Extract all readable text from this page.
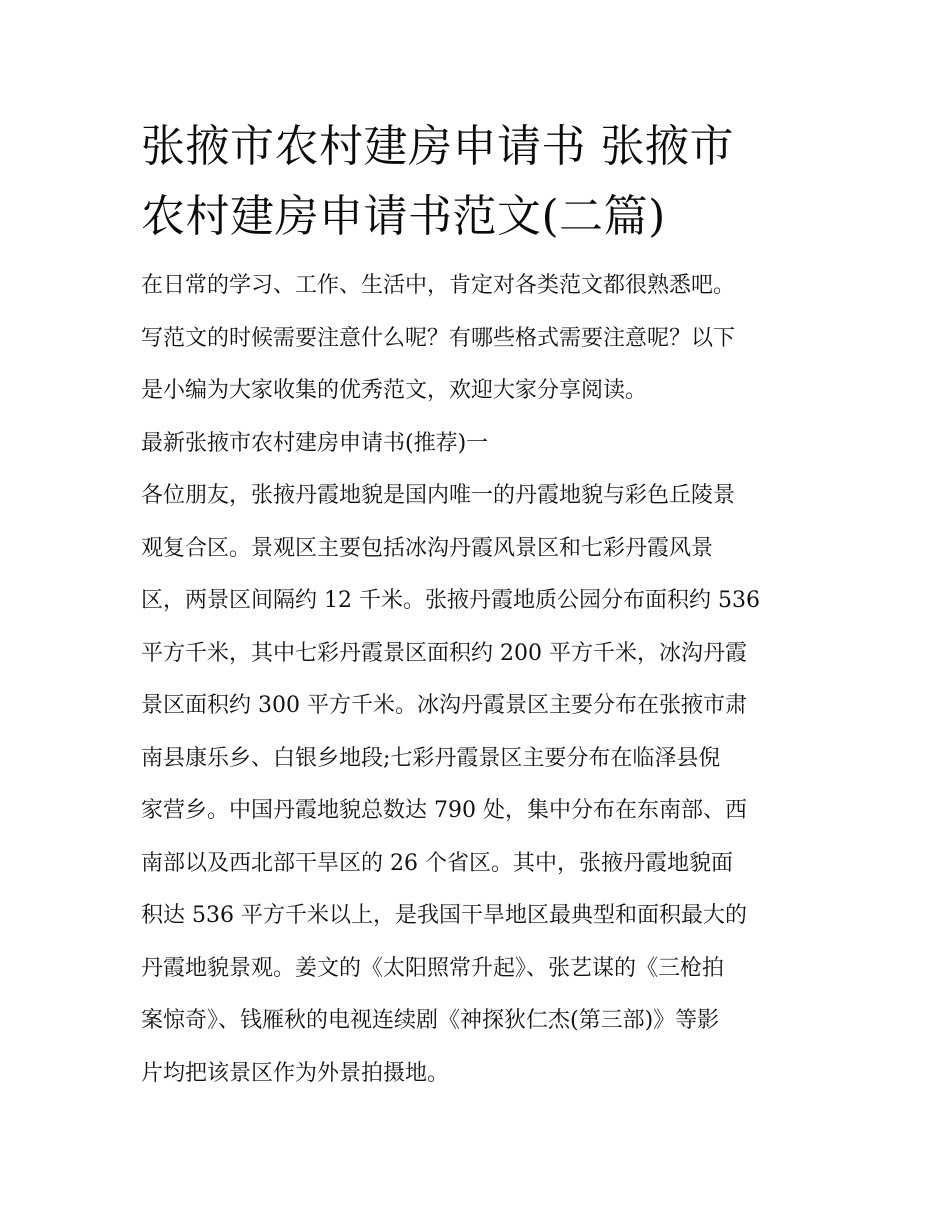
张掖市农村建房申请书 张掖市
农村建房申请书范文(二篇)
在日常的学习、工作、生活中，肯定对各类范文都很熟悉吧。
写范文的时候需要注意什么呢？有哪些格式需要注意呢？以下
是小编为大家收集的优秀范文，欢迎大家分享阅读。
最新张掖市农村建房申请书(推荐)一
各位朋友，张掖丹霞地貌是国内唯一的丹霞地貌与彩色丘陵景
观复合区。景观区主要包括冰沟丹霞风景区和七彩丹霞风景
区，两景区间隔约 12 千米。张掖丹霞地质公园分布面积约 536
平方千米，其中七彩丹霞景区面积约 200 平方千米，冰沟丹霞
景区面积约 300 平方千米。冰沟丹霞景区主要分布在张掖市肃
南县康乐乡、白银乡地段;七彩丹霞景区主要分布在临泽县倪
家营乡。中国丹霞地貌总数达 790 处，集中分布在东南部、西
南部以及西北部干旱区的 26 个省区。其中，张掖丹霞地貌面
积达 536 平方千米以上，是我国干旱地区最典型和面积最大的
丹霞地貌景观。姜文的《太阳照常升起》、张艺谋的《三枪拍
案惊奇》、钱雁秋的电视连续剧《神探狄仁杰(第三部)》等影
片均把该景区作为外景拍摄地。
